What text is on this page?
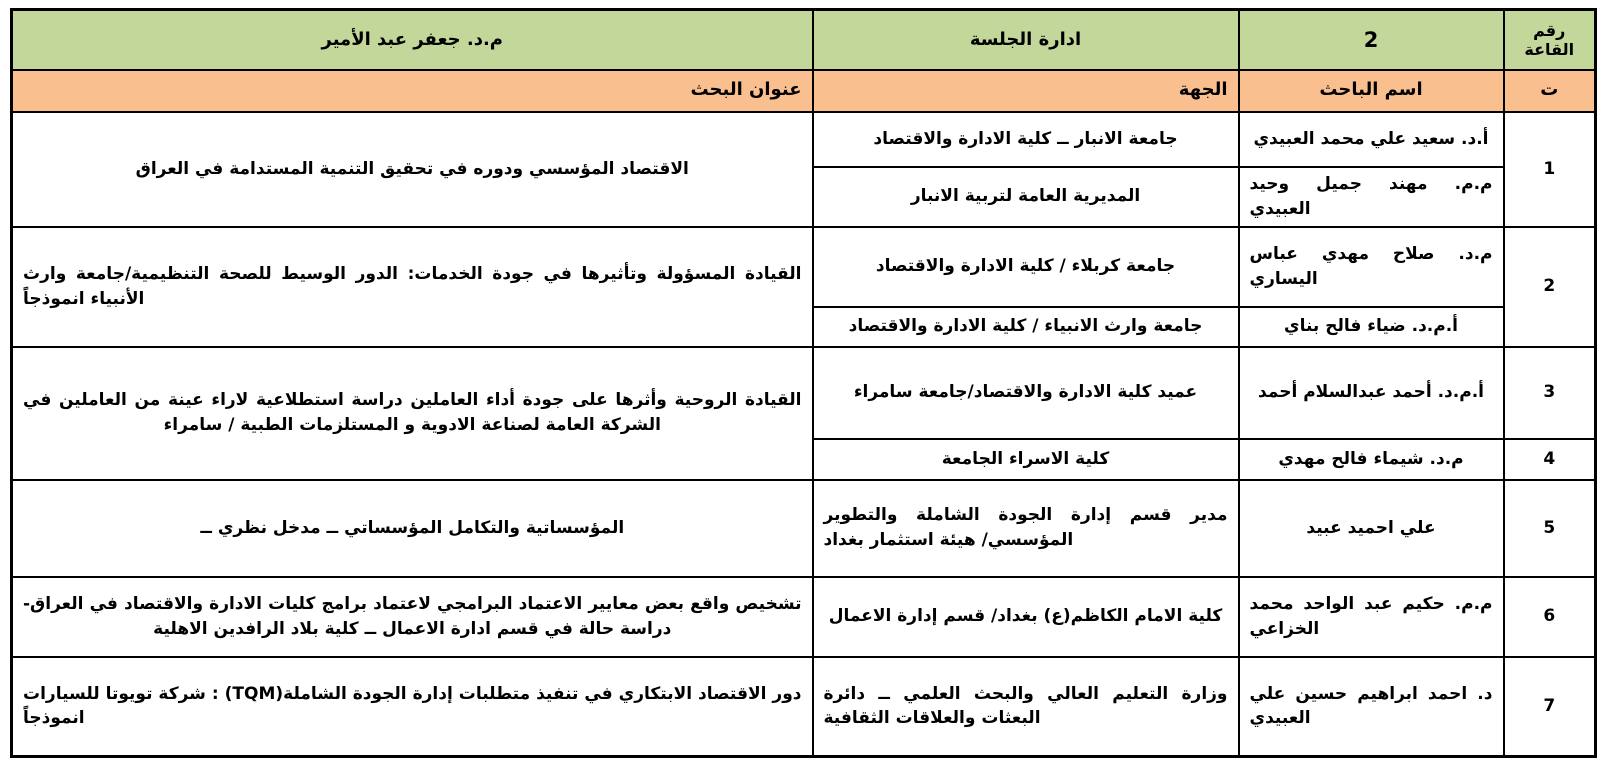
رقم القاعة	2	ادارة الجلسة	م.د. جعفر عبد الأمير
ت	اسم الباحث	الجهة	عنوان البحث
1	أ.د. سعيد علي محمد العبيدي	جامعة الانبار ــ كلية الادارة والاقتصاد	الاقتصاد المؤسسي ودوره في تحقيق التنمية المستدامة في العراق
	م.م. مهند جميل وحيد العبيدي	المديرية العامة لتربية الانبار	
2	م.د. صلاح مهدي عباس اليساري	جامعة كربلاء / كلية الادارة والاقتصاد	القيادة المسؤولة وتأثيرها في جودة الخدمات: الدور الوسيط للصحة التنظيمية/جامعة وارث الأنبياء انموذجاً
	أ.م.د. ضياء فالح بناي	جامعة وارث الانبياء / كلية الادارة والاقتصاد	
3	أ.م.د. أحمد عبدالسلام أحمد	عميد كلية الادارة والاقتصاد/جامعة سامراء	القيادة الروحية وأثرها على جودة أداء العاملين دراسة استطلاعية لاراء عينة من العاملين في الشركة العامة لصناعة الادوية و المستلزمات الطبية / سامراء
4	م.د. شيماء فالح مهدي	كلية الاسراء الجامعة	
5	علي احميد عبيد	مدير قسم إدارة الجودة الشاملة والتطوير المؤسسي/ هيئة استثمار بغداد	المؤسساتية والتكامل المؤسساتي ــ مدخل نظري ــ
6	م.م. حكيم عبد الواحد محمد الخزاعي	كلية الامام الكاظم(ع) بغداد/ قسم إدارة الاعمال	تشخيص واقع بعض معايير الاعتماد البرامجي لاعتماد برامج كليات الادارة والاقتصاد في العراق-دراسة حالة في قسم ادارة الاعمال ــ كلية بلاد الرافدين الاهلية
7	د. احمد ابراهيم حسين علي العبيدي	وزارة التعليم العالي والبحث العلمي ــ دائرة البعثات والعلاقات الثقافية	دور الاقتصاد الابتكاري في تنفيذ متطلبات إدارة الجودة الشاملة(TQM) : شركة تويوتا للسيارات انموذجاً
